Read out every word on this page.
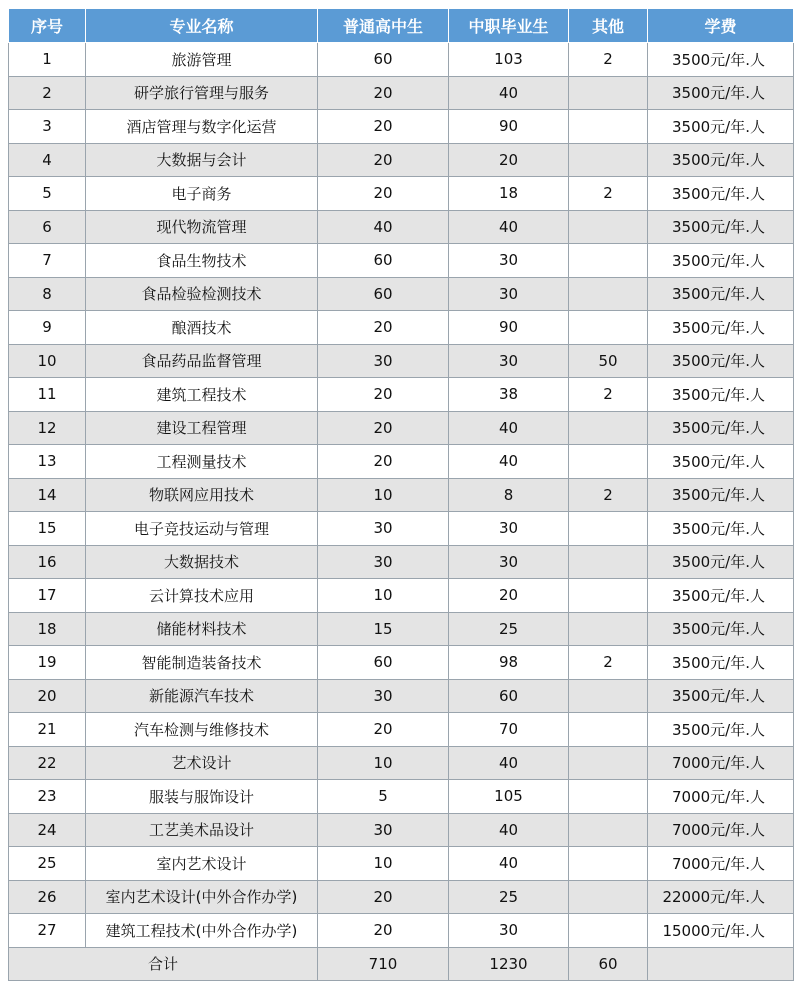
序号	专业名称	普通高中生	中职毕业生	其他	学费
1	旅游管理	60	103	2	3500元/年.人
2	研学旅行管理与服务	20	40		3500元/年.人
3	酒店管理与数字化运营	20	90		3500元/年.人
4	大数据与会计	20	20		3500元/年.人
5	电子商务	20	18	2	3500元/年.人
6	现代物流管理	40	40		3500元/年.人
7	食品生物技术	60	30		3500元/年.人
8	食品检验检测技术	60	30		3500元/年.人
9	酿酒技术	20	90		3500元/年.人
10	食品药品监督管理	30	30	50	3500元/年.人
11	建筑工程技术	20	38	2	3500元/年.人
12	建设工程管理	20	40		3500元/年.人
13	工程测量技术	20	40		3500元/年.人
14	物联网应用技术	10	8	2	3500元/年.人
15	电子竞技运动与管理	30	30		3500元/年.人
16	大数据技术	30	30		3500元/年.人
17	云计算技术应用	10	20		3500元/年.人
18	储能材料技术	15	25		3500元/年.人
19	智能制造装备技术	60	98	2	3500元/年.人
20	新能源汽车技术	30	60		3500元/年.人
21	汽车检测与维修技术	20	70		3500元/年.人
22	艺术设计	10	40		7000元/年.人
23	服装与服饰设计	5	105		7000元/年.人
24	工艺美术品设计	30	40		7000元/年.人
25	室内艺术设计	10	40		7000元/年.人
26	室内艺术设计(中外合作办学)	20	25		22000元/年.人
27	建筑工程技术(中外合作办学)	20	30		15000元/年.人
合计		710	1230	60	
